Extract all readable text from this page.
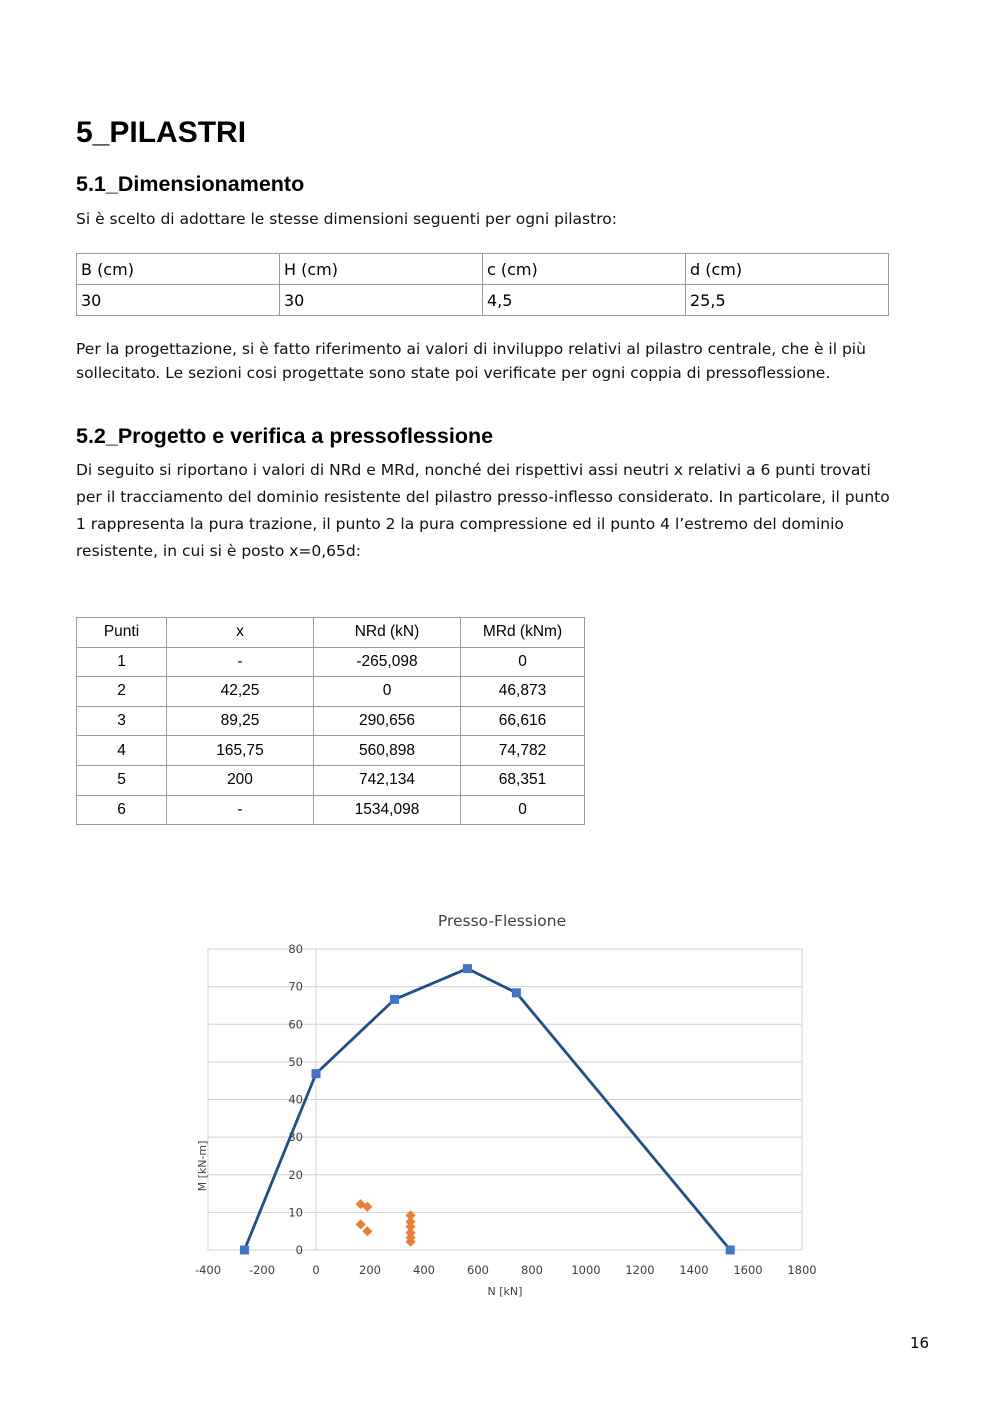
5_PILASTRI
5.1_Dimensionamento

Si è scelto di adottare le stesse dimensioni seguenti per ogni pilastro:

B (cm)	H (cm)	c (cm)	d (cm)
30	30	4,5	25,5
Per la progettazione, si è fatto riferimento ai valori di inviluppo relativi al pilastro centrale, che è il più
sollecitato. Le sezioni cosi progettate sono state poi verificate per ogni coppia di pressoflessione.
5.2_Progetto e verifica a pressoflessione
Di seguito si riportano i valori di NRd e MRd, nonché dei rispettivi assi neutri x relativi a 6 punti trovati
per il tracciamento del dominio resistente del pilastro presso-inflesso considerato. In particolare, il punto
1 rappresenta la pura trazione, il punto 2 la pura compressione ed il punto 4 l’estremo del dominio
resistente, in cui si è posto x=0,65d:
Punti	x	NRd (kN)	MRd (kNm)
1	-	-265,098	0
2	42,25	0	46,873
3	89,25	290,656	66,616
4	165,75	560,898	74,782
5	200	742,134	68,351
6	-	1534,098	0
Presso-Flessione
N [kN]
M [kN-m]
0
10
20
30
40
50
60
70
80
-400 -200	0	200	400	600	800 1000 1200 1400 1600 1800
16
